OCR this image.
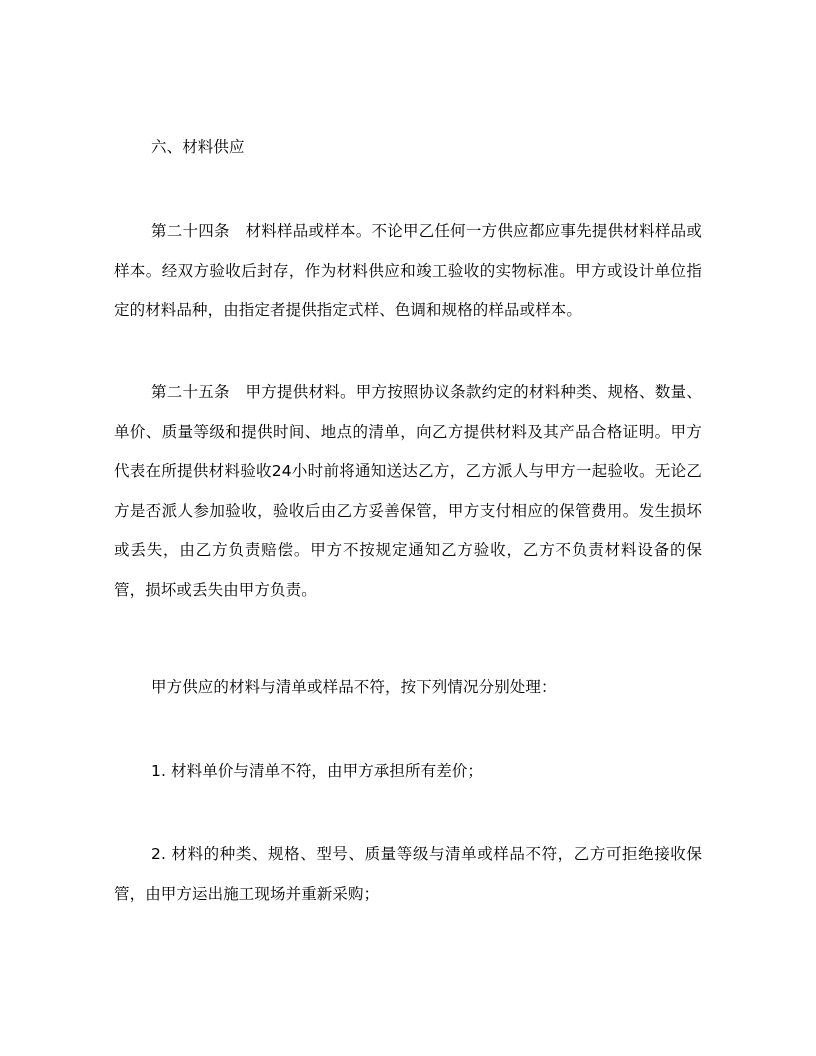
六、材料供应

第二十四条　材料样品或样本。不论甲乙任何一方供应都应事先提供材料样品或样本。经双方验收后封存，作为材料供应和竣工验收的实物标准。甲方或设计单位指定的材料品种，由指定者提供指定式样、色调和规格的样品或样本。

第二十五条　甲方提供材料。甲方按照协议条款约定的材料种类、规格、数量、单价、质量等级和提供时间、地点的清单，向乙方提供材料及其产品合格证明。甲方代表在所提供材料验收24小时前将通知送达乙方，乙方派人与甲方一起验收。无论乙方是否派人参加验收，验收后由乙方妥善保管，甲方支付相应的保管费用。发生损坏或丢失，由乙方负责赔偿。甲方不按规定通知乙方验收，乙方不负责材料设备的保管，损坏或丢失由甲方负责。

甲方供应的材料与清单或样品不符，按下列情况分别处理：

1. 材料单价与清单不符，由甲方承担所有差价；

2. 材料的种类、规格、型号、质量等级与清单或样品不符，乙方可拒绝接收保管，由甲方运出施工现场并重新采购；
